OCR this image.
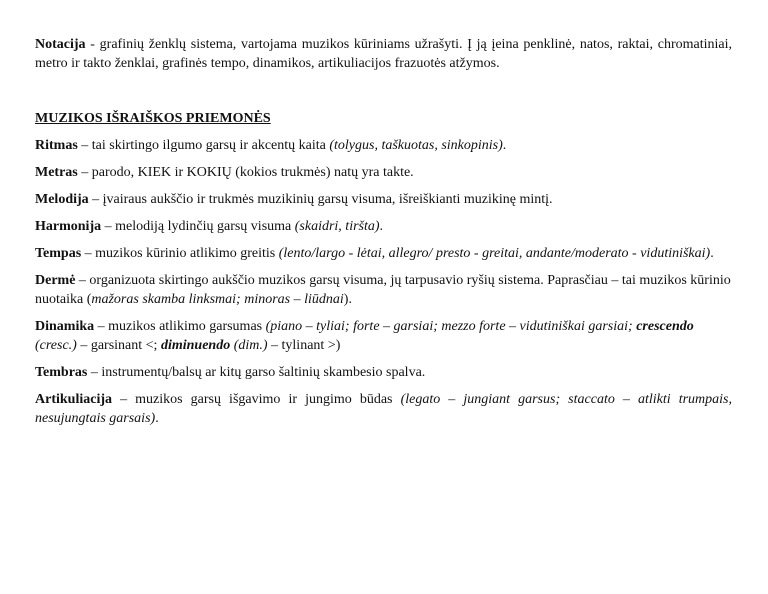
Notacija - grafinių ženklų sistema, vartojama muzikos kūriniams užrašyti. Į ją įeina penklinė, natos, raktai, chromatiniai, metro ir takto ženklai, grafinės tempo, dinamikos, artikuliacijos frazuotės atžymos.

MUZIKOS IŠRAIŠKOS PRIEMONĖS

Ritmas – tai skirtingo ilgumo garsų ir akcentų kaita (tolygus, taškuotas, sinkopinis).

Metras – parodo, KIEK ir KOKIŲ (kokios trukmės) natų yra takte.

Melodija – įvairaus aukščio ir trukmės muzikinių garsų visuma, išreiškianti muzikinę mintį.

Harmonija – melodiją lydinčių garsų visuma (skaidri, tiršta).

Tempas – muzikos kūrinio atlikimo greitis (lento/largo - lėtai, allegro/ presto - greitai, andante/moderato - vidutiniškai).

Dermė – organizuota skirtingo aukščio muzikos garsų visuma, jų tarpusavio ryšių sistema. Paprasčiau – tai muzikos kūrinio nuotaika (mažoras skamba linksmai; minoras – liūdnai).

Dinamika – muzikos atlikimo garsumas (piano – tyliai; forte – garsiai; mezzo forte – vidutiniškai garsiai; crescendo (cresc.) – garsinant <; diminuendo (dim.) – tylinant >)

Tembras – instrumentų/balsų ar kitų garso šaltinių skambesio spalva.

Artikuliacija – muzikos garsų išgavimo ir jungimo būdas (legato – jungiant garsus; staccato – atlikti trumpais, nesujungtais garsais).
